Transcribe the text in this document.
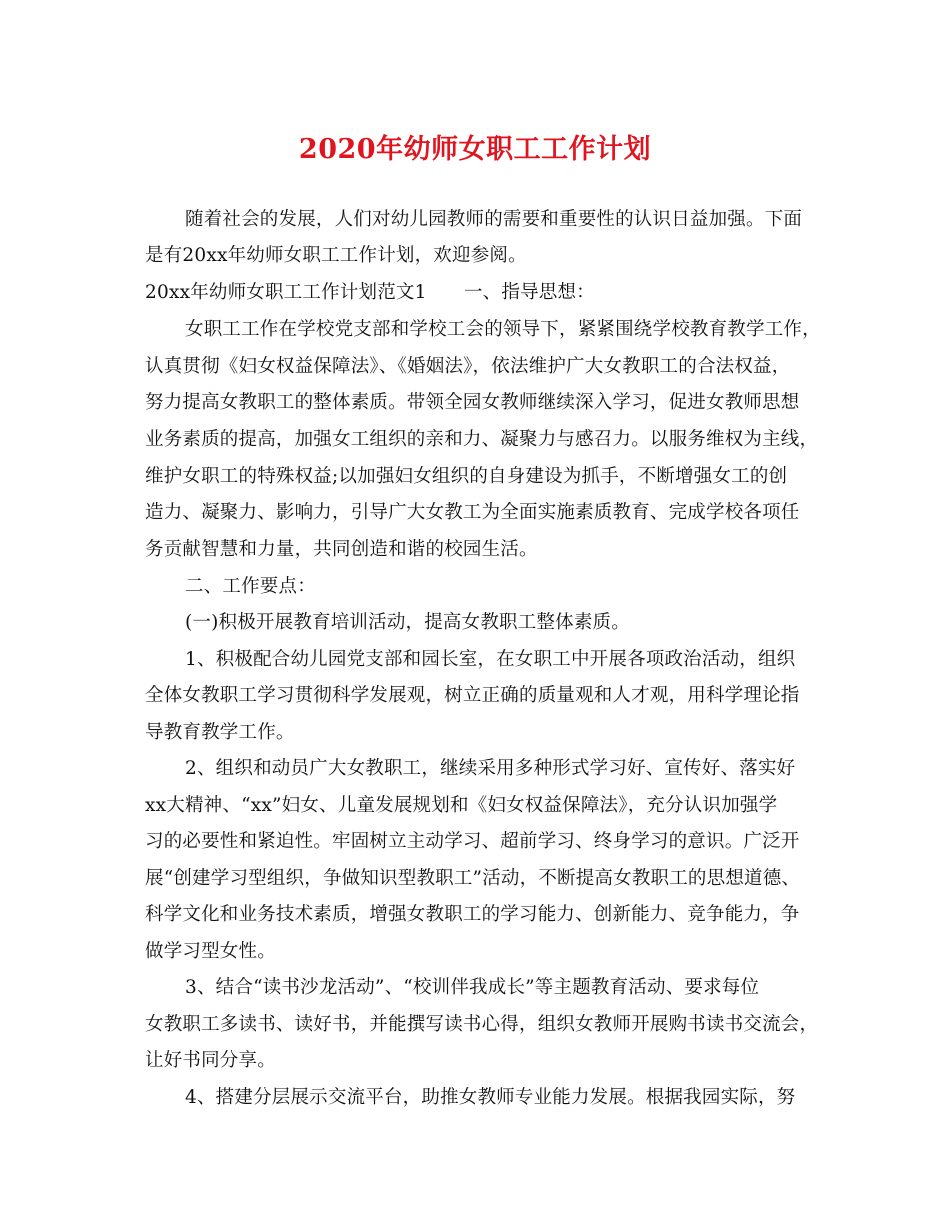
2020年幼师女职工工作计划
随着社会的发展，人们对幼儿园教师的需要和重要性的认识日益加强。下面
是有20xx年幼师女职工工作计划，欢迎参阅。
20xx年幼师女职工工作计划范文1　　一、指导思想：
女职工工作在学校党支部和学校工会的领导下，紧紧围绕学校教育教学工作，
认真贯彻《妇女权益保障法》、《婚姻法》，依法维护广大女教职工的合法权益，
努力提高女教职工的整体素质。带领全园女教师继续深入学习，促进女教师思想
业务素质的提高，加强女工组织的亲和力、凝聚力与感召力。以服务维权为主线，
维护女职工的特殊权益;以加强妇女组织的自身建设为抓手，不断增强女工的创
造力、凝聚力、影响力，引导广大女教工为全面实施素质教育、完成学校各项任
务贡献智慧和力量，共同创造和谐的校园生活。
二、工作要点：
(一)积极开展教育培训活动，提高女教职工整体素质。
1、积极配合幼儿园党支部和园长室，在女职工中开展各项政治活动，组织
全体女教职工学习贯彻科学发展观，树立正确的质量观和人才观，用科学理论指
导教育教学工作。
2、组织和动员广大女教职工，继续采用多种形式学习好、宣传好、落实好
xx大精神、“xx”妇女、儿童发展规划和《妇女权益保障法》，充分认识加强学
习的必要性和紧迫性。牢固树立主动学习、超前学习、终身学习的意识。广泛开
展“创建学习型组织，争做知识型教职工”活动，不断提高女教职工的思想道德、
科学文化和业务技术素质，增强女教职工的学习能力、创新能力、竞争能力，争
做学习型女性。
3、结合“读书沙龙活动”、“校训伴我成长”等主题教育活动、要求每位
女教职工多读书、读好书，并能撰写读书心得，组织女教师开展购书读书交流会，
让好书同分享。
4、搭建分层展示交流平台，助推女教师专业能力发展。根据我园实际，努
